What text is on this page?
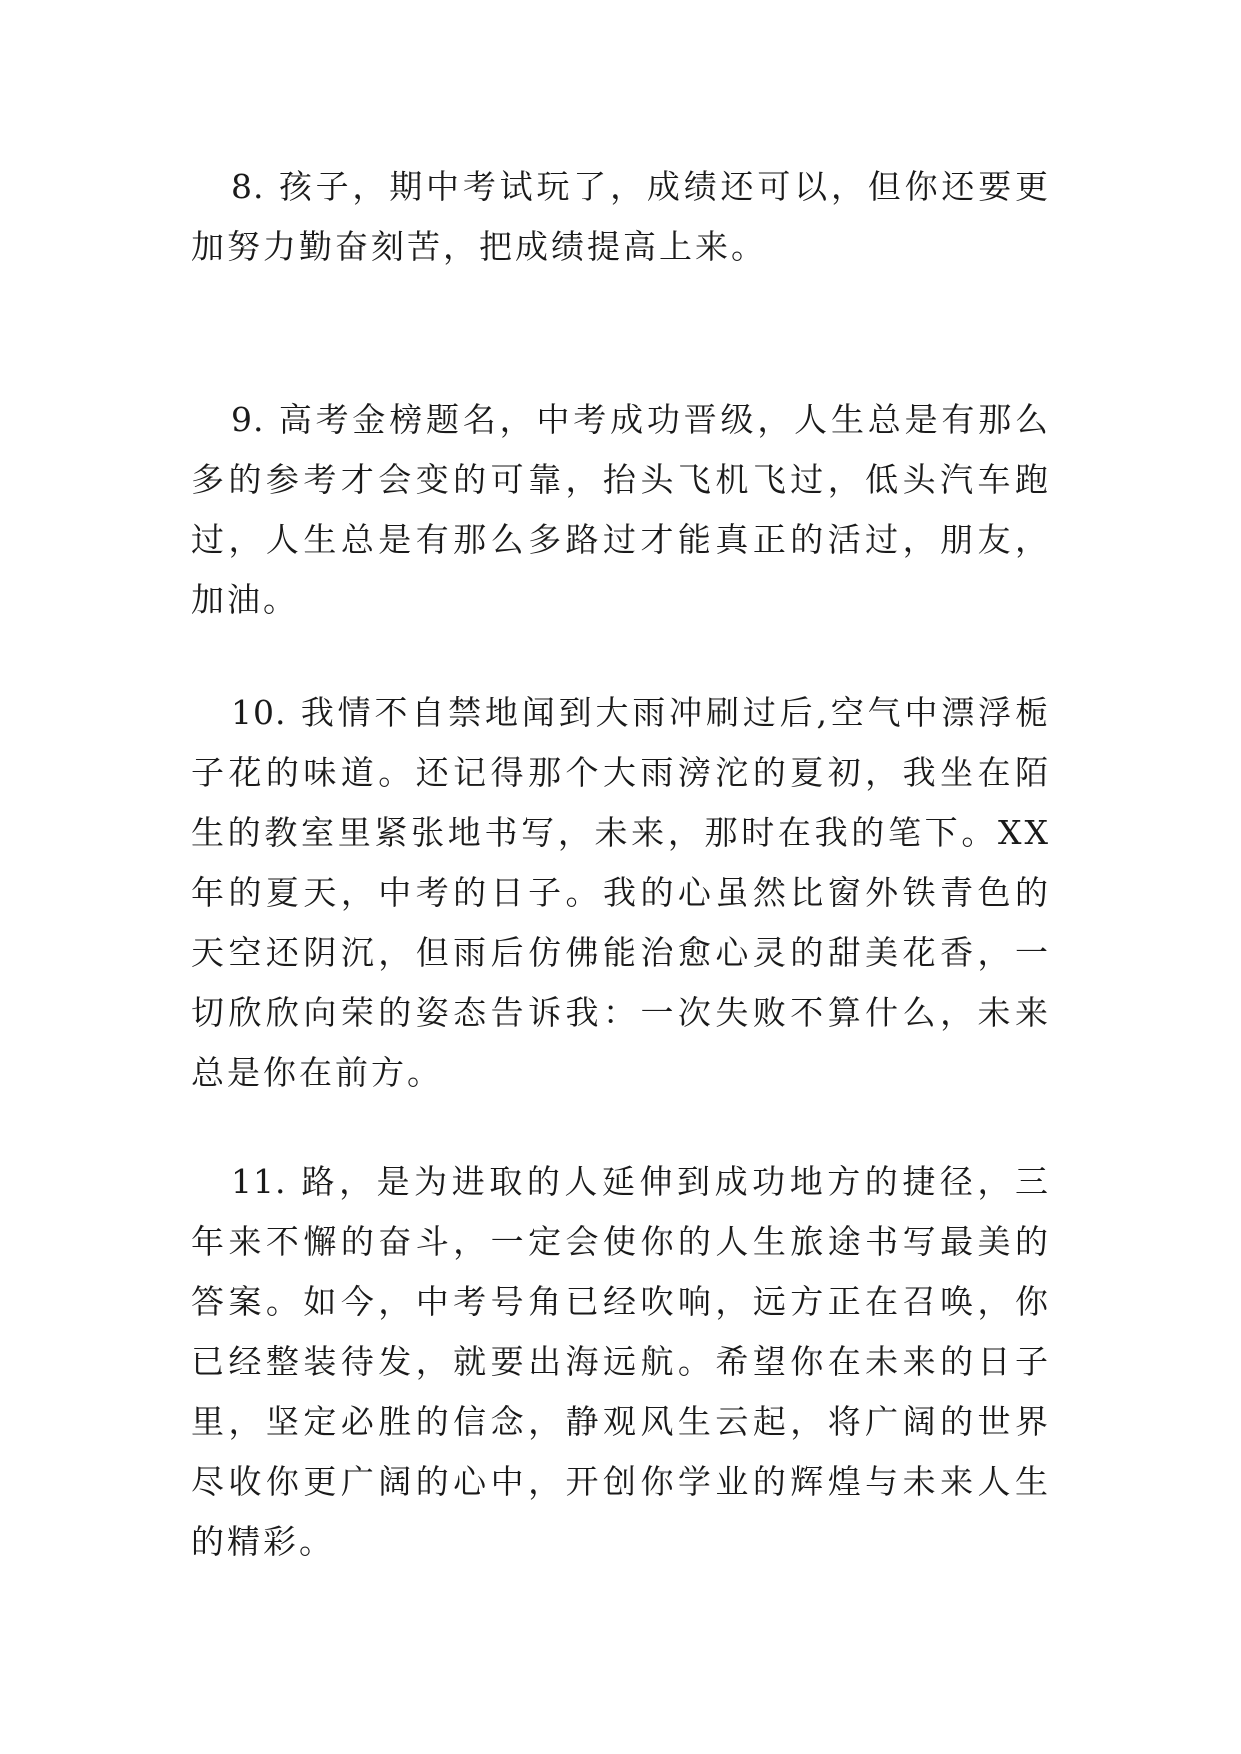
8. 孩子，期中考试玩了，成绩还可以，但你还要更加努力勤奋刻苦，把成绩提高上来。

9. 高考金榜题名，中考成功晋级，人生总是有那么多的参考才会变的可靠，抬头飞机飞过，低头汽车跑过，人生总是有那么多路过才能真正的活过，朋友，加油。

10. 我情不自禁地闻到大雨冲刷过后,空气中漂浮栀子花的味道。还记得那个大雨滂沱的夏初，我坐在陌生的教室里紧张地书写，未来，那时在我的笔下。XX 年的夏天，中考的日子。我的心虽然比窗外铁青色的天空还阴沉，但雨后仿佛能治愈心灵的甜美花香，一切欣欣向荣的姿态告诉我：一次失败不算什么，未来总是你在前方。

11. 路，是为进取的人延伸到成功地方的捷径，三年来不懈的奋斗，一定会使你的人生旅途书写最美的答案。如今，中考号角已经吹响，远方正在召唤，你已经整装待发，就要出海远航。希望你在未来的日子里，坚定必胜的信念，静观风生云起，将广阔的世界尽收你更广阔的心中，开创你学业的辉煌与未来人生的精彩。
